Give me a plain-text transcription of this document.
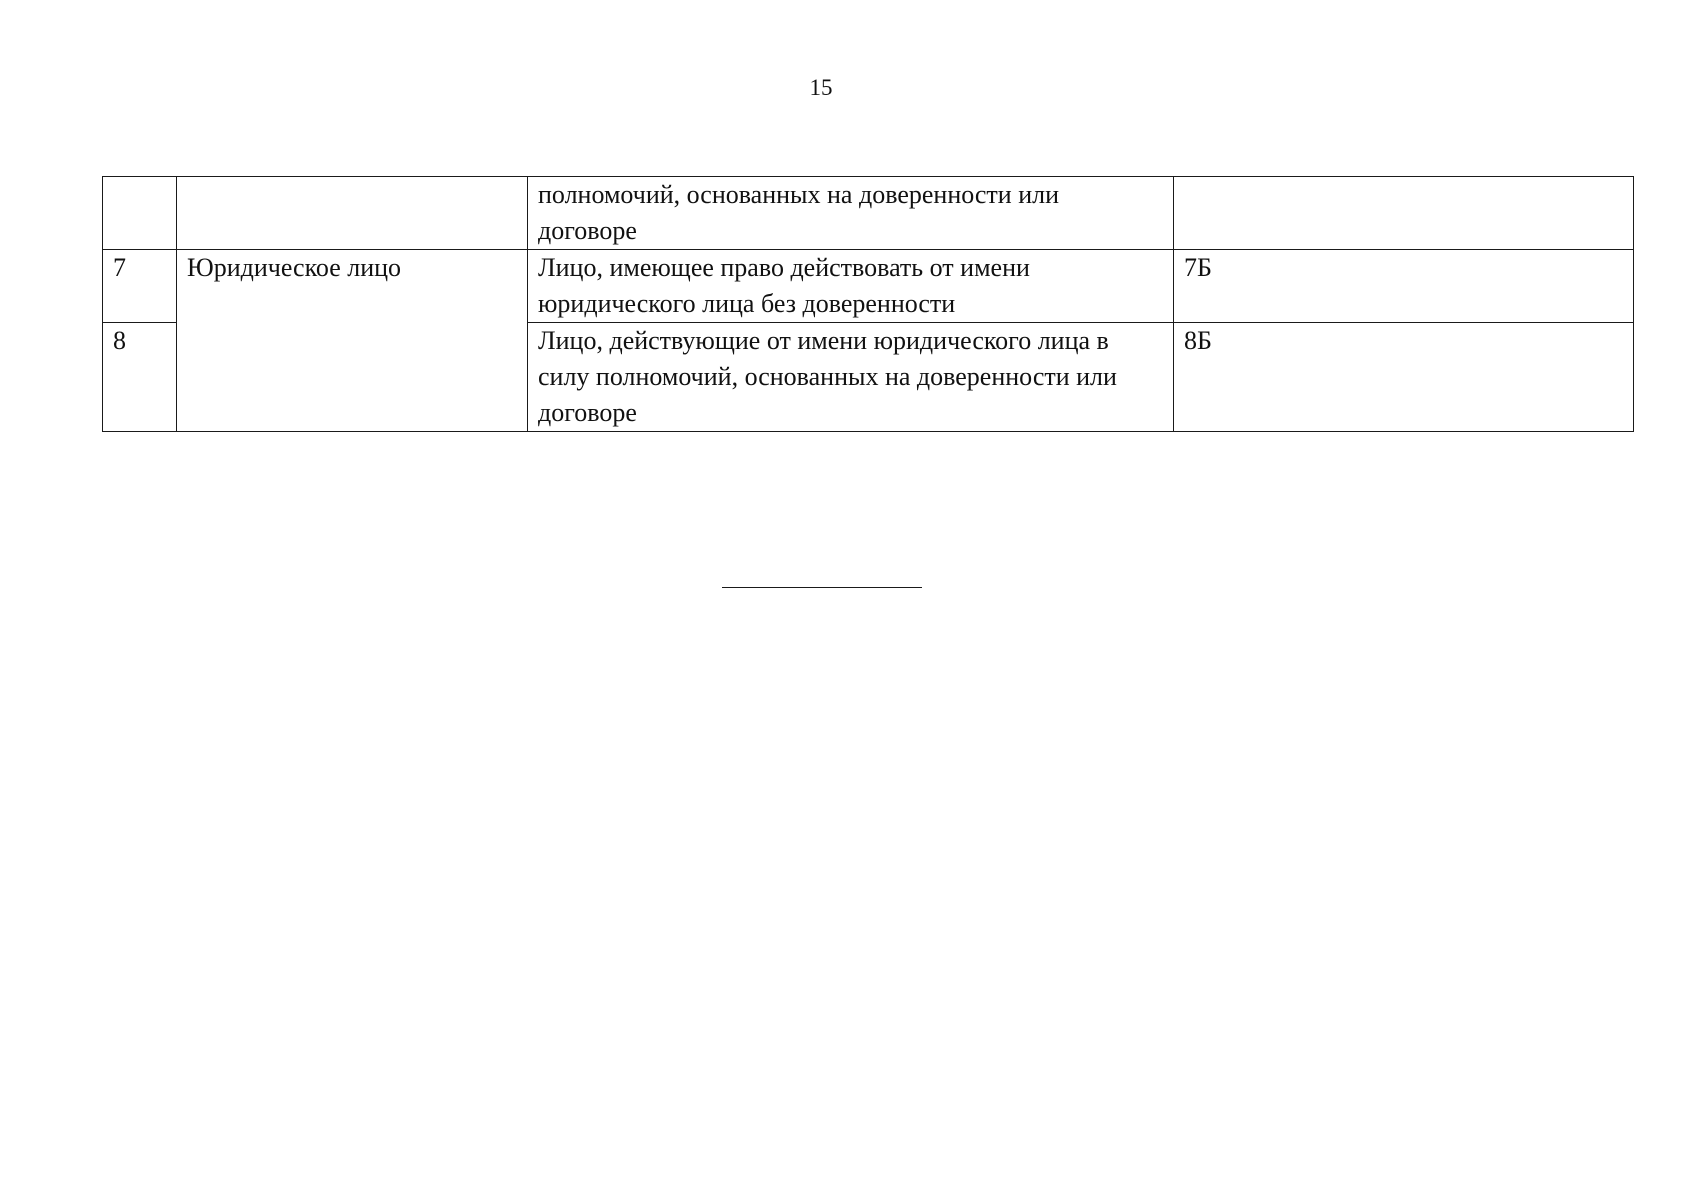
15
		полномочий, основанных на доверенности или договоре	
7	Юридическое лицо	Лицо, имеющее право действовать от имени юридического лица без доверенности	7Б
8		Лицо, действующие от имени юридического лица в силу полномочий, основанных на доверенности или договоре	8Б
